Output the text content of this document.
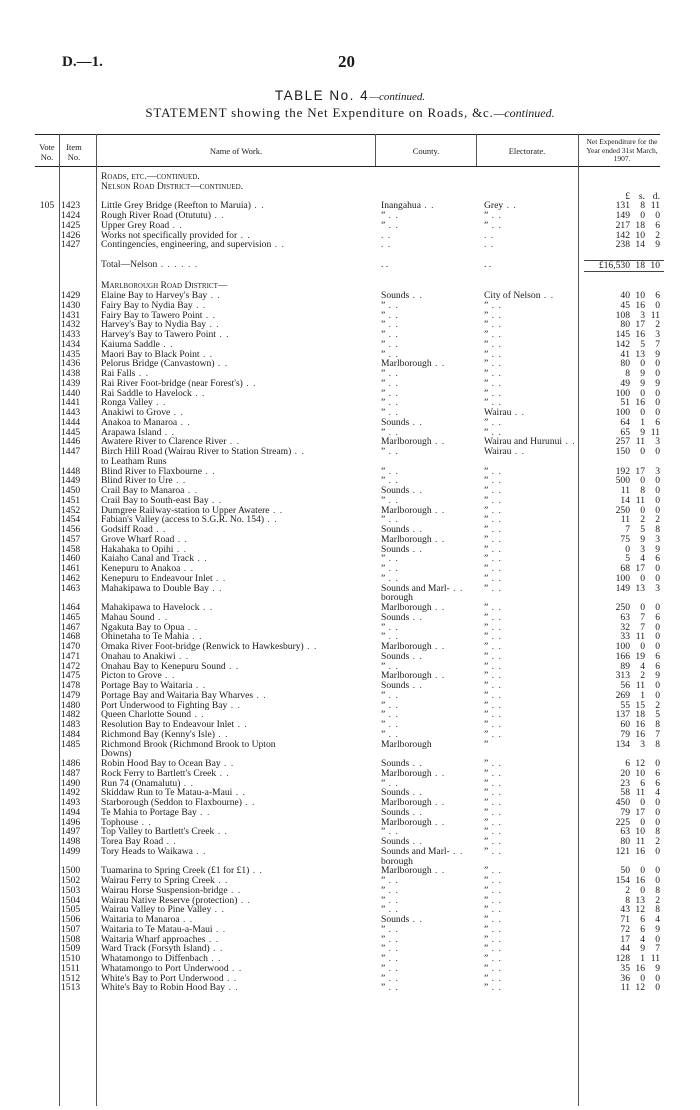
D.—1.	20
TABLE No. 4—continued.
STATEMENT showing the Net Expenditure on Roads, &c.—continued.
Vote No.
Item No.
Name of Work.	County.	Electorate.
Net Expenditure for the Year ended 31st March, 1907.
		Roads, etc.—continued.			
		Nelson Road District—continued.			

					£ s. d.

105	1423	Little Grey Bridge (Reefton to Maruia) . .	Inangahua . .	Grey . .	131 8 11

	1424	Rough River Road (Otututu) . .	” . .	” . .	149 0 0

	1425	Upper Grey Road . .	” . .	” . .	217 18 6

	1426	Works not specifically provided for . .	. .	. .	142 10 2

	1427	Contingencies, engineering, and supervision . .	. .	. .	238 14 9

		Total—Nelson . . . . . .	. .	. .	£16,530 18 10

		Marlborough Road District—			
	1429	Elaine Bay to Harvey's Bay . .	Sounds . .	City of Nelson . .	40 10 6

	1430	Fairy Bay to Nydia Bay . .	” . .	” . .	45 16 0

	1431	Fairy Bay to Tawero Point . .	” . .	” . .	108 3 11

	1432	Harvey's Bay to Nydia Bay . .	” . .	” . .	80 17 2

	1433	Harvey's Bay to Tawero Point . .	” . .	” . .	145 16 3

	1434	Kaiuma Saddle . .	” . .	” . .	142 5 7

	1435	Maori Bay to Black Point . .	” . .	” . .	41 13 9

	1436	Pelorus Bridge (Canvastown) . .	Marlborough . .	” . .	80 0 0

	1438	Rai Falls . .	” . .	” . .	8 9 0

	1439	Rai River Foot-bridge (near Forest's) . .	” . .	” . .	49 9 9

	1440	Rai Saddle to Havelock . .	” . .	” . .	100 0 0

	1441	Ronga Valley . .	” . .	” . .	51 16 0

	1443	Anakiwi to Grove . .	” . .	Wairau . .	100 0 0

	1444	Anakoa to Manaroa . .	Sounds . .	” . .	64 1 6

	1445	Arapawa Island . .	” . .	” . .	65 9 11

	1446	Awatere River to Clarence River . .	Marlborough . .	Wairau and Hurunui . .	257 11 3

	1447	Birch Hill Road (Wairau River to Station Stream) . .	” . .	Wairau . .	150 0 0

		to Leatham Runs			

	1448	Blind River to Flaxbourne . .	” . .	” . .	192 17 3

	1449	Blind River to Ure . .	” . .	” . .	500 0 0

	1450	Crail Bay to Manaroa . .	Sounds . .	” . .	11 8 0

	1451	Crail Bay to South-east Bay . .	” . .	” . .	14 11 0

	1452	Dumgree Railway-station to Upper Awatere . .	Marlborough . .	” . .	250 0 0

	1454	Fabian's Valley (access to S.G.R. No. 154) . .	” . .	” . .	11 2 2

	1456	Godsiff Road . .	Sounds . .	” . .	7 5 8

	1457	Grove Wharf Road . .	Marlborough . .	” . .	75 9 3

	1458	Hakahaka to Opihi . .	Sounds . .	” . .	0 3 9

	1460	Kaiaho Canal and Track . .	” . .	” . .	5 4 6

	1461	Kenepuru to Anakoa . .	” . .	” . .	68 17 0

	1462	Kenepuru to Endeavour Inlet . .	” . .	” . .	100 0 0

	1463	Mahakipawa to Double Bay . .	Sounds and Marl- . .	” . .	149 13 3

			borough		

	1464	Mahakipawa to Havelock . .	Marlborough . .	” . .	250 0 0

	1465	Mahau Sound . .	Sounds . .	” . .	63 7 6

	1467	Ngakuta Bay to Opua . .	” . .	” . .	32 7 0

	1468	Ohinetaha to Te Mahia . .	” . .	” . .	33 11 0

	1470	Omaka River Foot-bridge (Renwick to Hawkesbury) . .	Marlborough . .	” . .	100 0 0

	1471	Onahau to Anakiwi . .	Sounds . .	” . .	166 19 6

	1472	Onahau Bay to Kenepuru Sound . .	” . .	” . .	89 4 6

	1475	Picton to Grove . .	Marlborough . .	” . .	313 2 9

	1478	Portage Bay to Waitaria . .	Sounds . .	” . .	56 11 0

	1479	Portage Bay and Waitaria Bay Wharves . .	” . .	” . .	269 1 0

	1480	Port Underwood to Fighting Bay . .	” . .	” . .	55 15 2

	1482	Queen Charlotte Sound . .	” . .	” . .	137 18 5

	1483	Resolution Bay to Endeavour Inlet . .	” . .	” . .	60 16 8

	1484	Richmond Bay (Kenny's Isle) . .	” . .	” . .	79 16 7

	1485	Richmond Brook (Richmond Brook to Upton	Marlborough	”	134 3 8

		Downs)			

	1486	Robin Hood Bay to Ocean Bay . .	Sounds . .	” . .	6 12 0

	1487	Rock Ferry to Bartlett's Creek . .	Marlborough . .	” . .	20 10 6

	1490	Run 74 (Onamalutu) . .	” . .	” . .	23 6 6

	1492	Skiddaw Run to Te Matau-a-Maui . .	Sounds . .	” . .	58 11 4

	1493	Starborough (Seddon to Flaxbourne) . .	Marlborough . .	” . .	450 0 0

	1494	Te Mahia to Portage Bay . .	Sounds . .	” . .	79 17 0

	1496	Tophouse . .	Marlborough . .	” . .	225 0 0

	1497	Top Valley to Bartlett's Creek . .	” . .	” . .	63 10 8

	1498	Torea Bay Road . .	Sounds . .	” . .	80 11 2

	1499	Tory Heads to Waikawa . .	Sounds and Marl- . .	” . .	121 16 0

			borough		

	1500	Tuamarina to Spring Creek (£1 for £1) . .	Marlborough . .	” . .	50 0 0

	1502	Wairau Ferry to Spring Creek . .	” . .	” . .	154 16 0

	1503	Wairau Horse Suspension-bridge . .	” . .	” . .	2 0 8

	1504	Wairau Native Reserve (protection) . .	” . .	” . .	8 13 2

	1505	Wairau Valley to Pine Valley . .	” . .	” . .	43 12 8

	1506	Waitaria to Manaroa . .	Sounds . .	” . .	71 6 4

	1507	Waitaria to Te Matau-a-Maui . .	” . .	” . .	72 6 9

	1508	Waitaria Wharf approaches . .	” . .	” . .	17 4 0

	1509	Ward Track (Forsyth Island) . .	” . .	” . .	44 9 7

	1510	Whatamongo to Diffenbach . .	” . .	” . .	128 1 11

	1511	Whatamongo to Port Underwood . .	” . .	” . .	35 16 9

	1512	White's Bay to Port Underwood . .	” . .	” . .	36 0 0

	1513	White's Bay to Robin Hood Bay . .	” . .	” . .	11 12 0
